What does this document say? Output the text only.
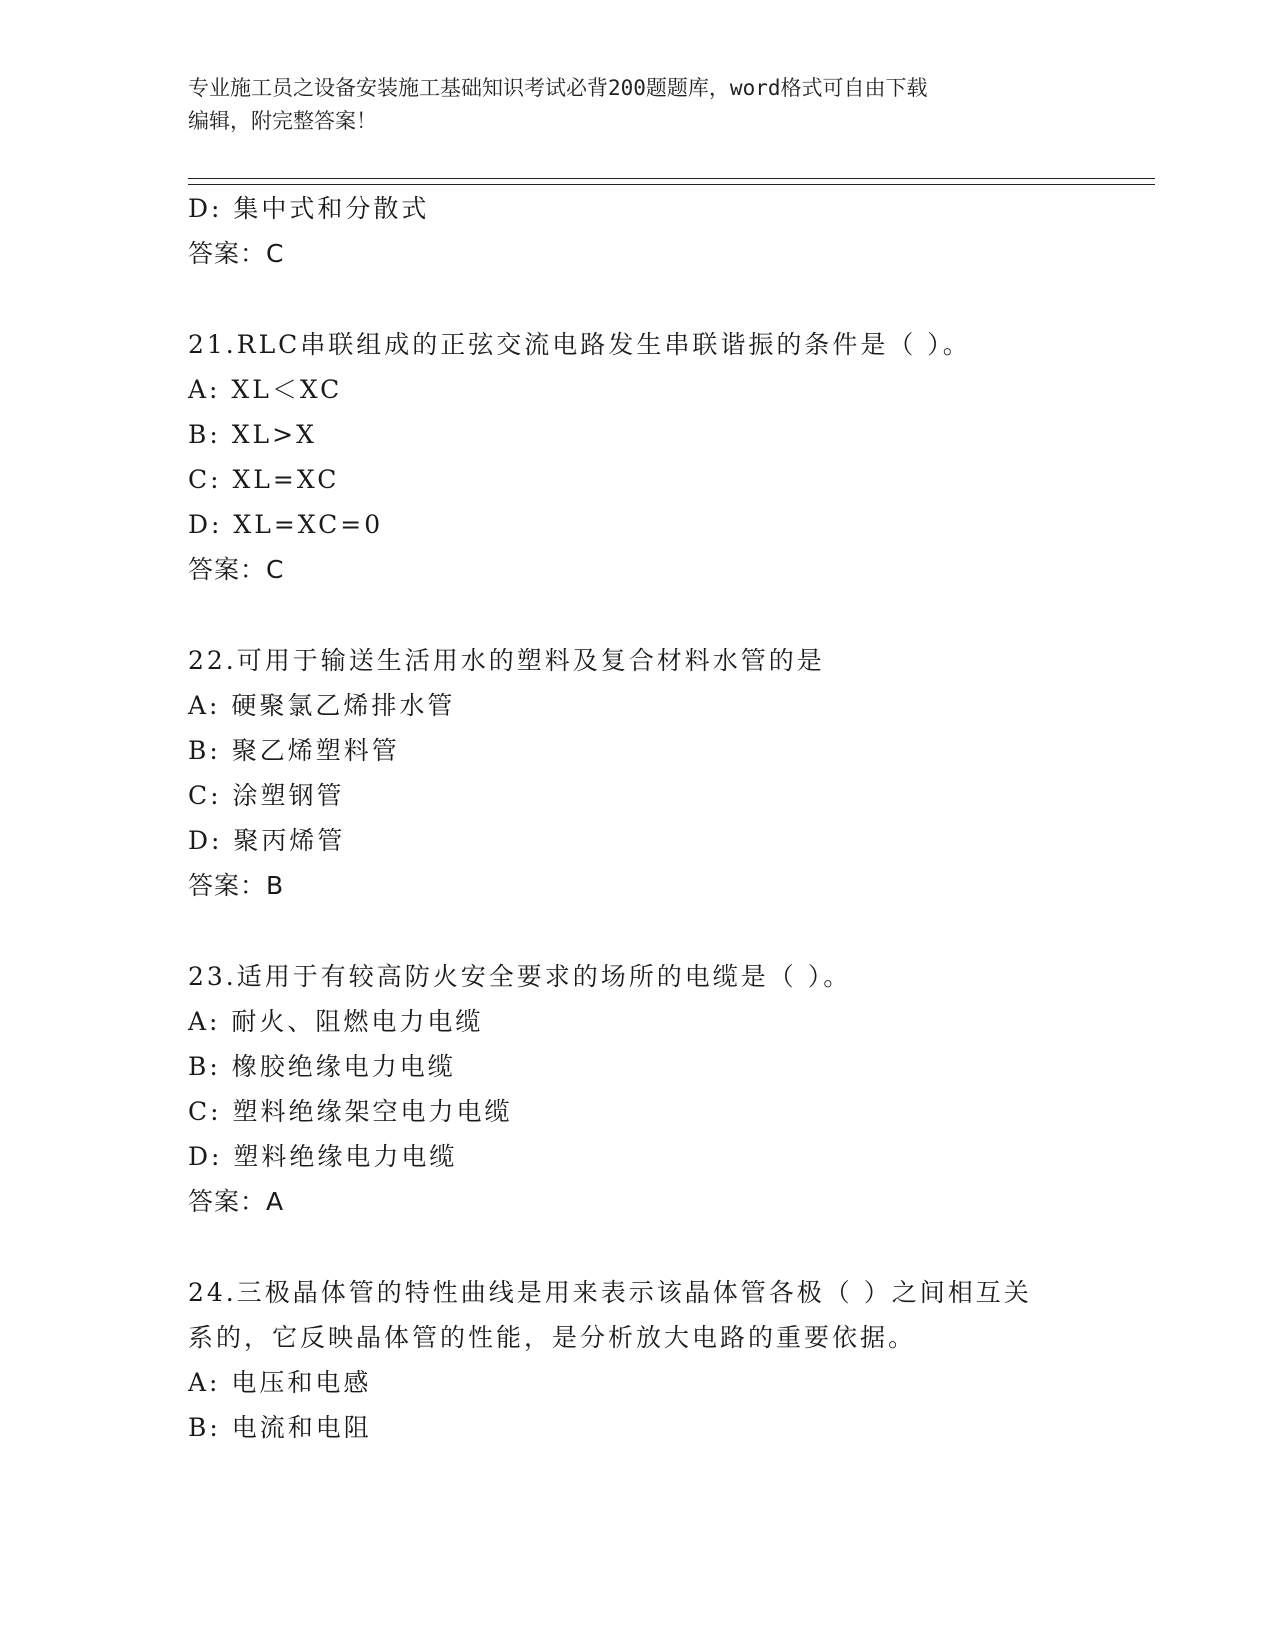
专业施工员之设备安装施工基础知识考试必背200题题库，word格式可自由下载
编辑，附完整答案！
D: 集中式和分散式
答案：C
21.RLC串联组成的正弦交流电路发生串联谐振的条件是（ ）。
A: XL＜XC
B: XL>X
C: XL=XC
D: XL=XC=0
答案：C
22.可用于输送生活用水的塑料及复合材料水管的是
A: 硬聚氯乙烯排水管
B: 聚乙烯塑料管
C: 涂塑钢管
D: 聚丙烯管
答案：B
23.适用于有较高防火安全要求的场所的电缆是（ ）。
A: 耐火、阻燃电力电缆
B: 橡胶绝缘电力电缆
C: 塑料绝缘架空电力电缆
D: 塑料绝缘电力电缆
答案：A
24.三极晶体管的特性曲线是用来表示该晶体管各极（ ）之间相互关
系的，它反映晶体管的性能，是分析放大电路的重要依据。
A: 电压和电感
B: 电流和电阻
